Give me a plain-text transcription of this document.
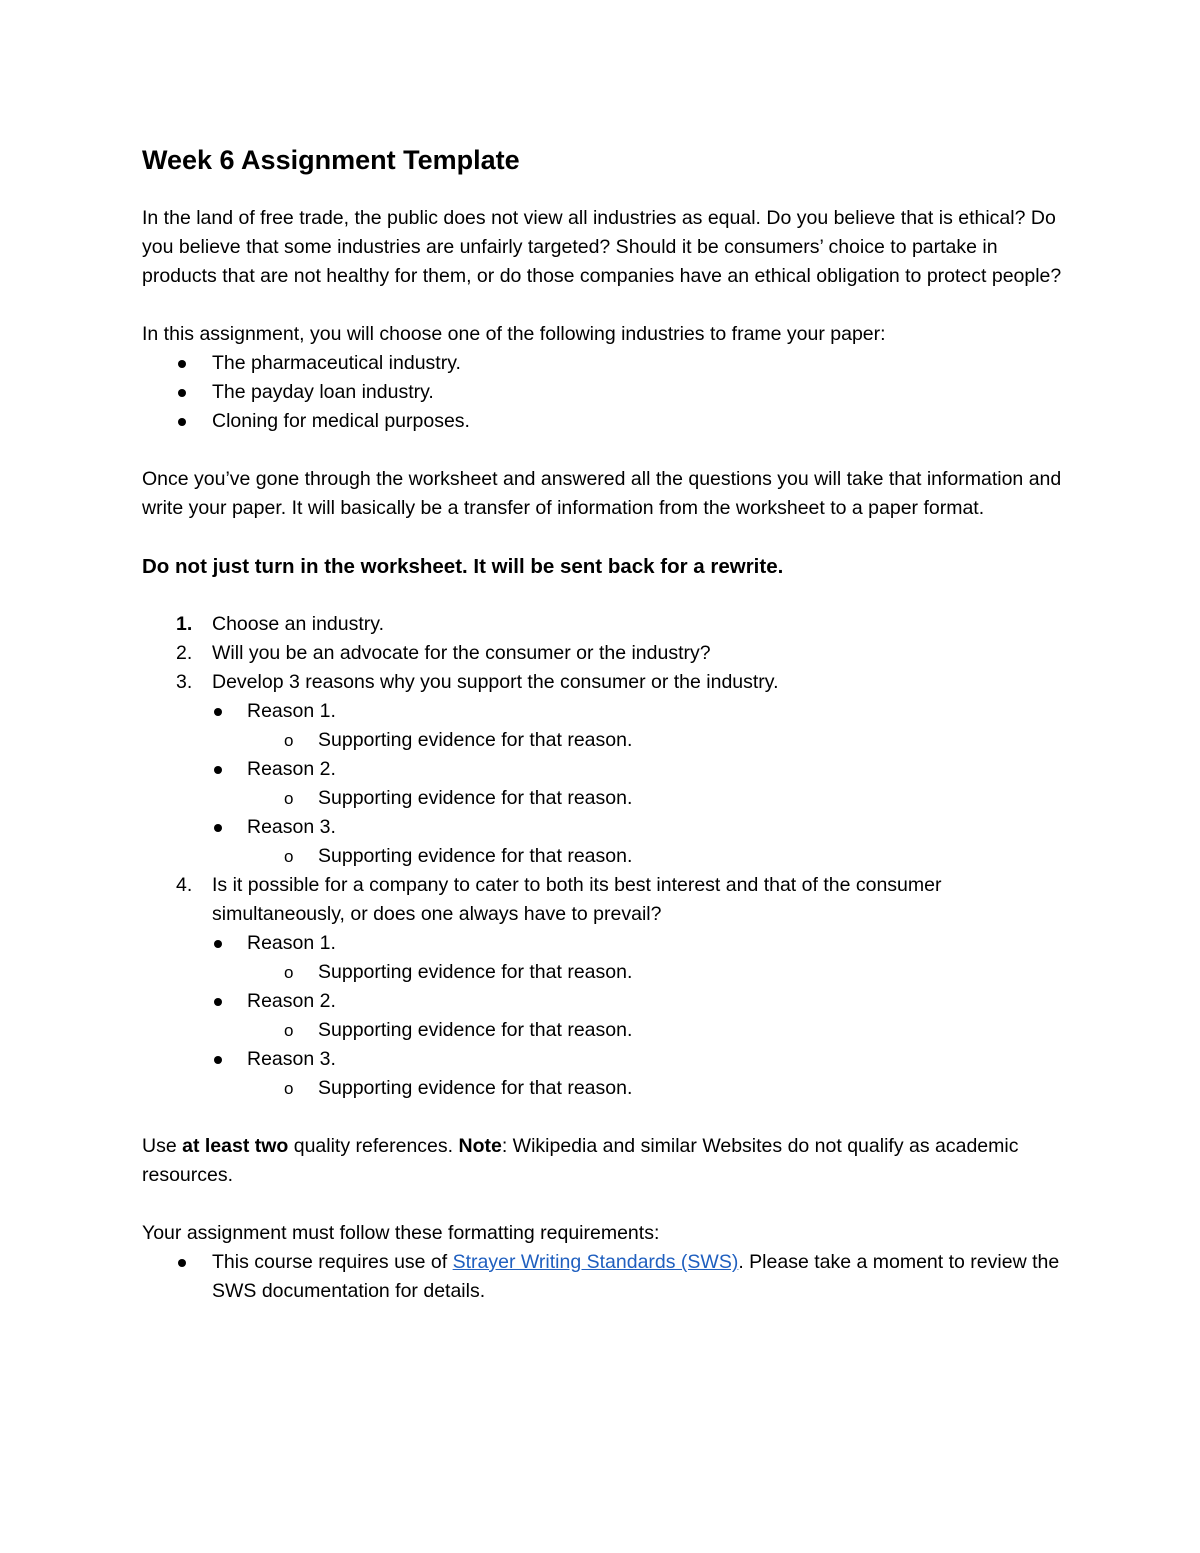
Week 6 Assignment Template

In the land of free trade, the public does not view all industries as equal. Do you believe that is ethical? Do you believe that some industries are unfairly targeted? Should it be consumers’ choice to partake in products that are not healthy for them, or do those companies have an ethical obligation to protect people?

In this assignment, you will choose one of the following industries to frame your paper:
The pharmaceutical industry.
The payday loan industry.
Cloning for medical purposes.

Once you’ve gone through the worksheet and answered all the questions you will take that information and write your paper. It will basically be a transfer of information from the worksheet to a paper format.

Do not just turn in the worksheet. It will be sent back for a rewrite.

1. Choose an industry.
2. Will you be an advocate for the consumer or the industry?
3. Develop 3 reasons why you support the consumer or the industry.
Reason 1.
o Supporting evidence for that reason.
Reason 2.
o Supporting evidence for that reason.
Reason 3.
o Supporting evidence for that reason.
4. Is it possible for a company to cater to both its best interest and that of the consumer simultaneously, or does one always have to prevail?
Reason 1.
o Supporting evidence for that reason.
Reason 2.
o Supporting evidence for that reason.
Reason 3.
o Supporting evidence for that reason.

Use at least two quality references. Note: Wikipedia and similar Websites do not qualify as academic resources.

Your assignment must follow these formatting requirements:
This course requires use of Strayer Writing Standards (SWS). Please take a moment to review the SWS documentation for details.
